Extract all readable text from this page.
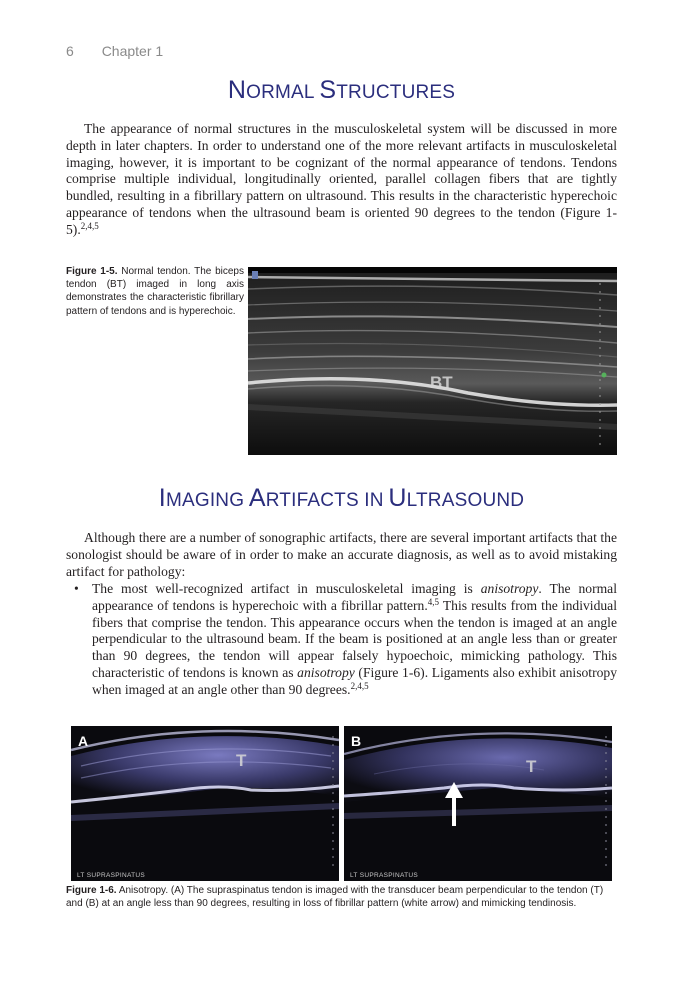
6 Chapter 1
NORMAL STRUCTURES

The appearance of normal structures in the musculoskeletal system will be discussed in more depth in later chapters. In order to understand one of the more relevant artifacts in musculoskeletal imaging, however, it is important to be cognizant of the normal appearance of tendons. Tendons comprise multiple individual, longitudinally oriented, parallel collagen fibers that are tightly bundled, resulting in a fibrillary pattern on ultrasound. This results in the characteristic hyperechoic appearance of tendons when the ultrasound beam is oriented 90 degrees to the tendon (Figure 1-5).$^{2,4,5}$

Figure 1-5. Normal tendon. The biceps tendon (BT) imaged in long axis demonstrates the characteristic fibrillary pattern of tendons and is hyperechoic.
BT
IMAGING ARTIFACTS IN ULTRASOUND

Although there are a number of sonographic artifacts, there are several important artifacts that the sonologist should be aware of in order to make an accurate diagnosis, as well as to avoid mistaking artifact for pathology:

• The most well-recognized artifact in musculoskeletal imaging is anisotropy. The normal appearance of tendons is hyperechoic with a fibrillar pattern.$^{4,5}$ This results from the individual fibers that comprise the tendon. This appearance occurs when the tendon is imaged at an angle perpendicular to the ultrasound beam. If the beam is positioned at an angle less than or greater than 90 degrees, the tendon will appear falsely hypoechoic, mimicking pathology. This characteristic of tendons is known as anisotropy (Figure 1-6). Ligaments also exhibit anisotropy when imaged at an angle other than 90 degrees.$^{2,4,5}$
A
T
LT SUPRASPINATUS
B
T
LT SUPRASPINATUS
Figure 1-6. Anisotropy. (A) The supraspinatus tendon is imaged with the transducer beam perpendicular to the tendon (T) and (B) at an angle less than 90 degrees, resulting in loss of fibrillar pattern (white arrow) and mimicking tendinosis.
